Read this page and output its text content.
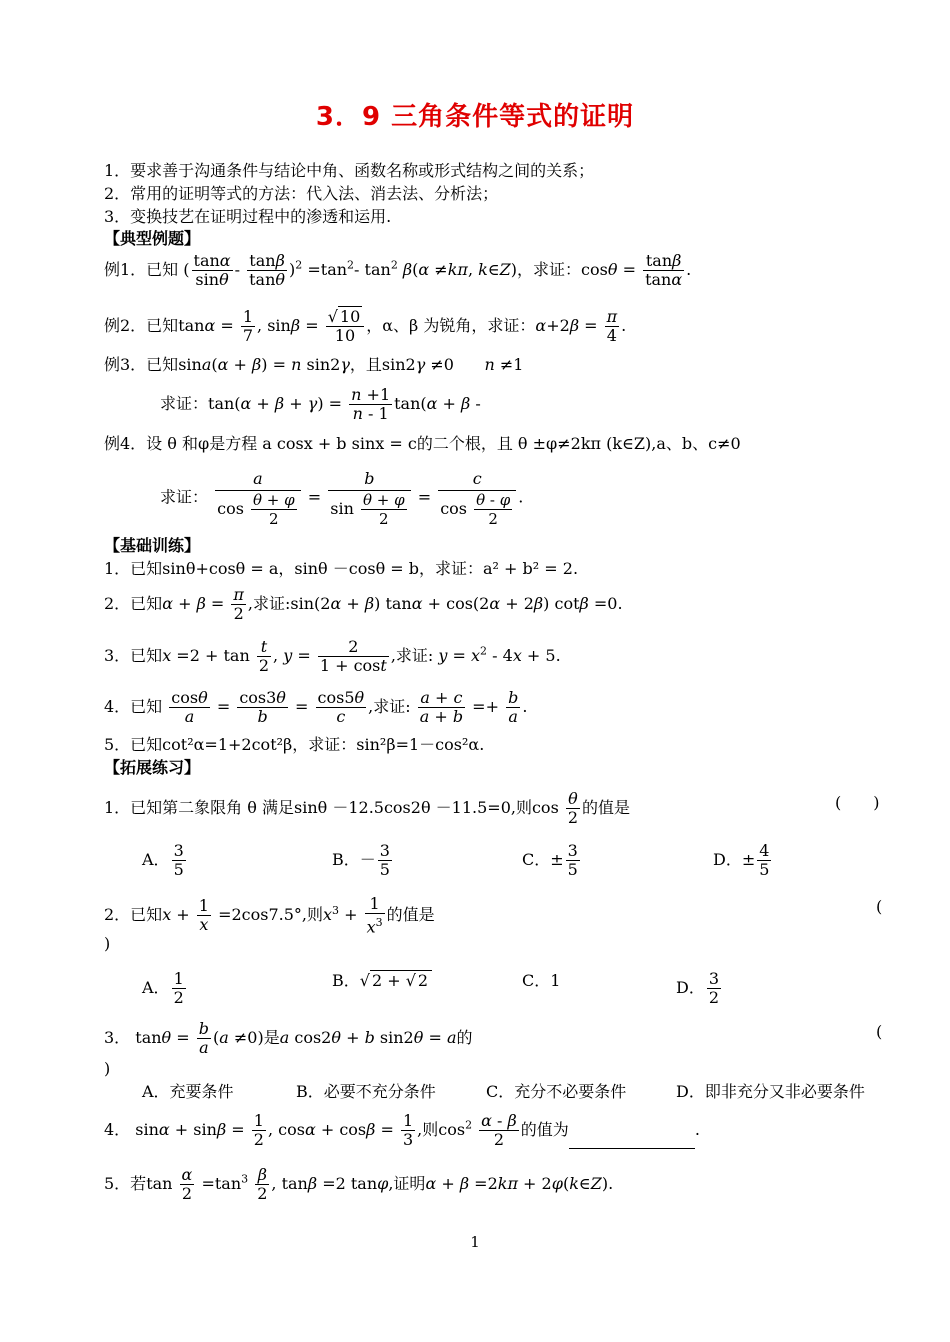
3．9 三角条件等式的证明
1．要求善于沟通条件与结论中角、函数名称或形式结构之间的关系；
2．常用的证明等式的方法：代入法、消去法、分析法；
3．变换技艺在证明过程中的渗透和运用.
【典型例题】
例1．已知 ( $\frac{\tan\alpha}{\sin\theta} - \frac{\tan\beta}{\tan\theta} )^2 =\tan^2-$ $\tan^2 \beta(\alpha \ne k\pi$, k∈Z)，求证：$\cos\theta = \frac{\tan\beta}{\tan\alpha}$ .
例2．已知$\tan\alpha = \frac{1}{7}$ , $\sin\beta = \frac{√ 10}{10}$ ，α、β 为锐角，求证：$\alpha+2\beta = \frac{\pi}{4}$ .
例3．已知sina(α + β) = n sin2γ，且sin2γ ≠0      n ≠1
求证：$\tan(\alpha + \beta + \gamma) = \frac{n +1}{n - 1} \tan(\alpha + \beta$ -
例4．设 θ 和φ是方程 a cosx + b sinx = c的二个根，且 θ ±φ≠2kπ (k∈Z),a、b、c≠0
求证： $\frac{a}{\cos \frac{\theta + \varphi}{2}} = \frac{b}{\sin \frac{\theta + \varphi}{2}} = \frac{c}{\cos \frac{\theta - \varphi}{2}}$ .
【基础训练】
1．已知sinθ+cosθ = a，sinθ －cosθ = b，求证：a² + b² = 2.
2．已知$\alpha + \beta = \frac{\pi}{2}$ ,求证:sin(2α + β) tanα + cos(2α + 2β) cotβ =0.
3．已知$x =2 + \tan \frac{t}{2}$ , $y = \frac{2}{1 + \cos t}$ ,求证: $y = x^2 - 4x + 5$.
4．已知 $\frac{\cos\theta}{a} = \frac{\cos 3\theta}{b} = \frac{\cos 5\theta}{c}$ ,求证: $\frac{a + c}{a + b} =+ \frac{b}{a}$ .
5．已知cot²α=1+2cot²β，求证：sin²β=1－cos²α.
【拓展练习】
1．已知第二象限角 θ 满足sinθ －12.5cos2θ －11.5=0,则$\cos \frac{\theta}{2}$ 的值是	(　　)
A． $\frac{3}{5}$	B．－ $\frac{3}{5}$	C．± $\frac{3}{5}$	D．± $\frac{4}{5}$
2．已知$x + \frac{1}{x} =2\cos 7.5^\circ$,则$x^3 + \frac{1}{x^3}$ 的值是	(
)
A． $\frac{1}{2}$	B．√ 2 + √ 2	C．1	D． $\frac{3}{2}$
3． $\tan\theta = \frac{b}{a} (a \ne 0)$是a cos2θ + b sin2θ = a的	(
)
A．充要条件	B．必要不充分条件	C．充分不必要条件	D．即非充分又非必要条件
4． $\sin\alpha + \sin\beta = \frac{1}{2}$ , $\cos\alpha + \cos\beta = \frac{1}{3}$ ,则$\cos^2 \frac{\alpha - \beta}{2}$ 的值为	.
5．若$\tan \frac{\alpha}{2} =\tan^3 \frac{\beta}{2}$ , tanβ =2 tanφ,证明α + β =2kπ + 2φ(k∈Z).
1
